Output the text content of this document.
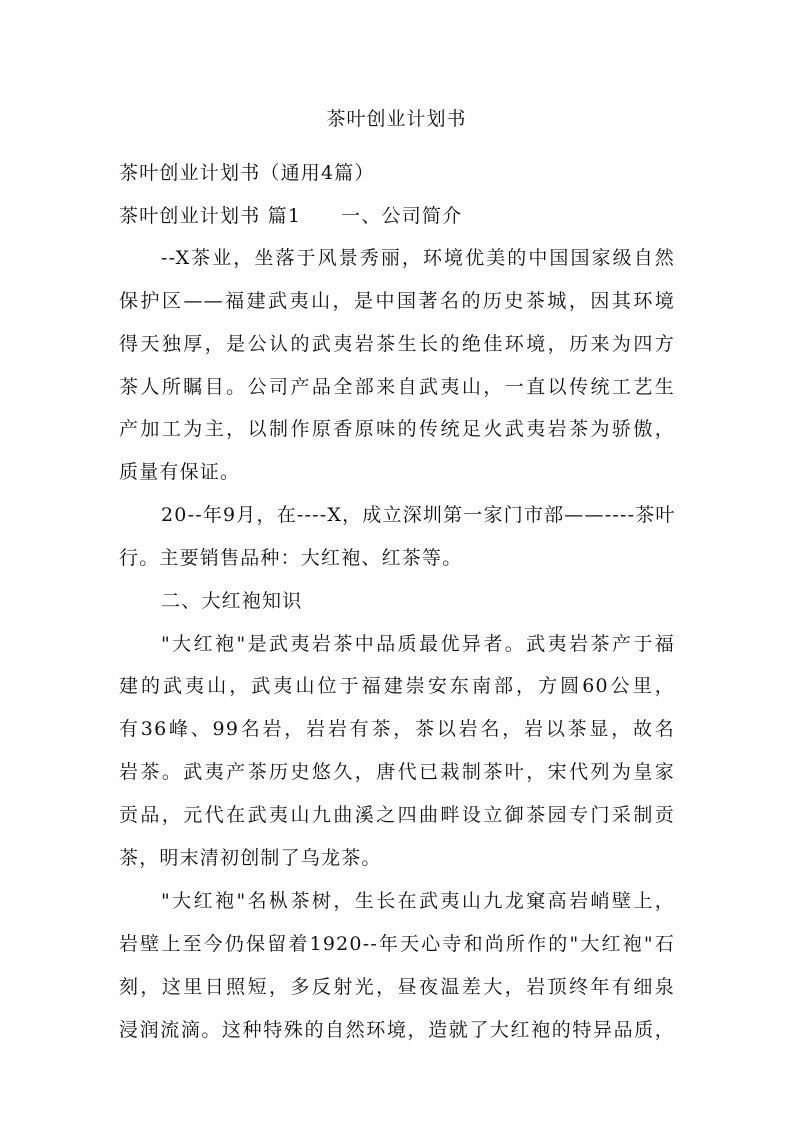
茶叶创业计划书
茶叶创业计划书（通用4篇）
茶叶创业计划书 篇1 一、公司简介
--X茶业，坐落于风景秀丽，环境优美的中国国家级自然
保护区——福建武夷山，是中国著名的历史茶城，因其环境
得天独厚，是公认的武夷岩茶生长的绝佳环境，历来为四方
茶人所瞩目。公司产品全部来自武夷山，一直以传统工艺生
产加工为主，以制作原香原味的传统足火武夷岩茶为骄傲，
质量有保证。
20--年9月，在----X，成立深圳第一家门市部——----茶叶
行。主要销售品种：大红袍、红茶等。
二、大红袍知识
"大红袍"是武夷岩茶中品质最优异者。武夷岩茶产于福
建的武夷山，武夷山位于福建崇安东南部，方圆60公里，
有36峰、99名岩，岩岩有茶，茶以岩名，岩以茶显，故名
岩茶。武夷产茶历史悠久，唐代已栽制茶叶，宋代列为皇家
贡品，元代在武夷山九曲溪之四曲畔设立御茶园专门采制贡
茶，明末清初创制了乌龙茶。
"大红袍"名枞茶树，生长在武夷山九龙窠高岩峭壁上，
岩壁上至今仍保留着1920--年天心寺和尚所作的"大红袍"石
刻，这里日照短，多反射光，昼夜温差大，岩顶终年有细泉
浸润流滴。这种特殊的自然环境，造就了大红袍的特异品质，
